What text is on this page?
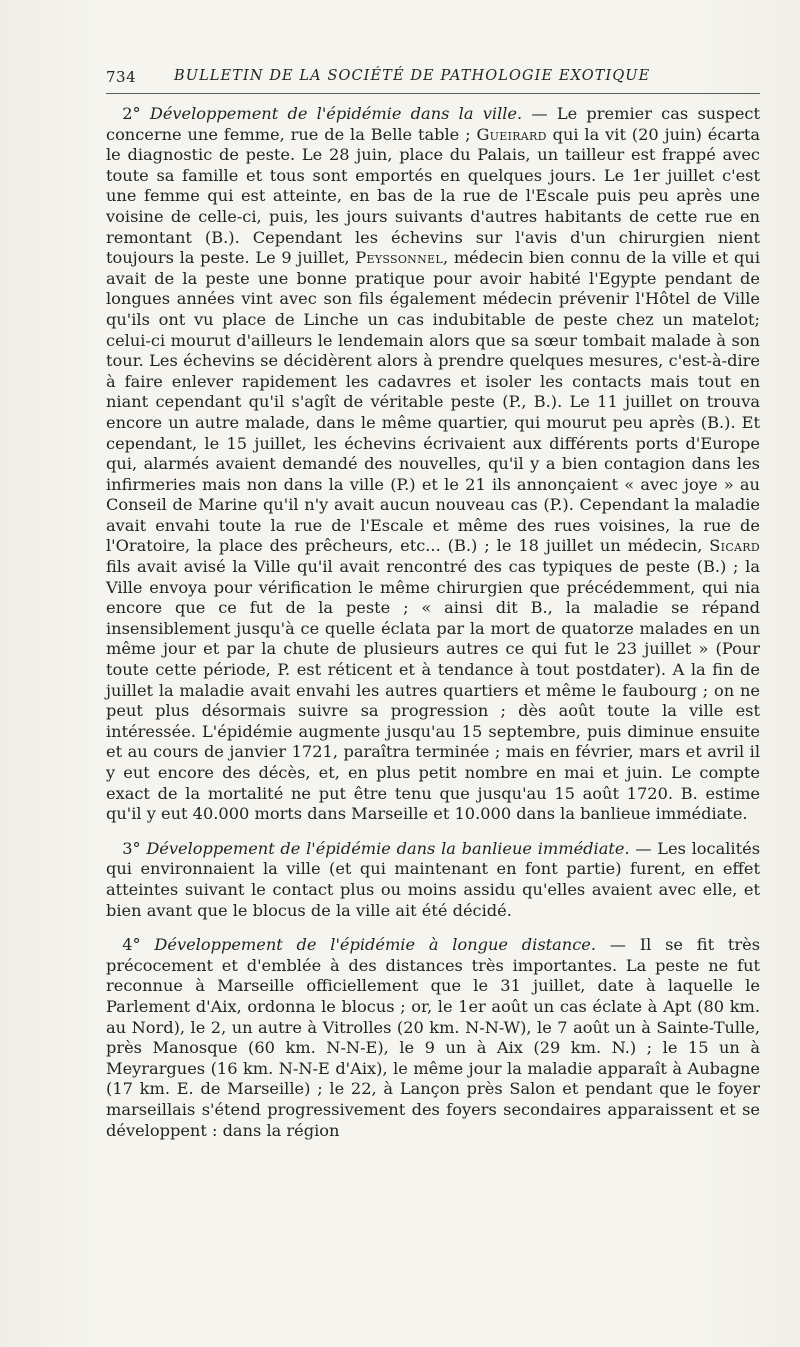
734	BULLETIN DE LA SOCIÉTÉ DE PATHOLOGIE EXOTIQUE

2° Développement de l'épidémie dans la ville. — Le premier cas suspect concerne une femme, rue de la Belle table ; Gueirard qui la vit (20 juin) écarta le diagnostic de peste. Le 28 juin, place du Palais, un tailleur est frappé avec toute sa famille et tous sont emportés en quelques jours. Le 1er juillet c'est une femme qui est atteinte, en bas de la rue de l'Escale puis peu après une voisine de celle-ci, puis, les jours suivants d'autres habitants de cette rue en remontant (B.). Cependant les échevins sur l'avis d'un chirurgien nient toujours la peste. Le 9 juillet, Peyssonnel, médecin bien connu de la ville et qui avait de la peste une bonne pratique pour avoir habité l'Egypte pendant de longues années vint avec son fils également médecin prévenir l'Hôtel de Ville qu'ils ont vu place de Linche un cas indubitable de peste chez un matelot; celui-ci mourut d'ailleurs le lendemain alors que sa sœur tombait malade à son tour. Les échevins se décidèrent alors à prendre quelques mesures, c'est-à-dire à faire enlever rapidement les cadavres et isoler les contacts mais tout en niant cependant qu'il s'agît de véritable peste (P., B.). Le 11 juillet on trouva encore un autre malade, dans le même quartier, qui mourut peu après (B.). Et cependant, le 15 juillet, les échevins écrivaient aux différents ports d'Europe qui, alarmés avaient demandé des nouvelles, qu'il y a bien contagion dans les infirmeries mais non dans la ville (P.) et le 21 ils annonçaient « avec joye » au Conseil de Marine qu'il n'y avait aucun nouveau cas (P.). Cependant la maladie avait envahi toute la rue de l'Escale et même des rues voisines, la rue de l'Oratoire, la place des prêcheurs, etc... (B.) ; le 18 juillet un médecin, Sicard fils avait avisé la Ville qu'il avait rencontré des cas typiques de peste (B.) ; la Ville envoya pour vérification le même chirurgien que précédemment, qui nia encore que ce fut de la peste ; « ainsi dit B., la maladie se répand insensiblement jusqu'à ce quelle éclata par la mort de quatorze malades en un même jour et par la chute de plusieurs autres ce qui fut le 23 juillet » (Pour toute cette période, P. est réticent et à tendance à tout postdater). A la fin de juillet la maladie avait envahi les autres quartiers et même le faubourg ; on ne peut plus désormais suivre sa progression ; dès août toute la ville est intéressée. L'épidémie augmente jusqu'au 15 septembre, puis diminue ensuite et au cours de janvier 1721, paraîtra terminée ; mais en février, mars et avril il y eut encore des décès, et, en plus petit nombre en mai et juin. Le compte exact de la mortalité ne put être tenu que jusqu'au 15 août 1720. B. estime qu'il y eut 40.000 morts dans Marseille et 10.000 dans la banlieue immédiate.

3° Développement de l'épidémie dans la banlieue immédiate. — Les localités qui environnaient la ville (et qui maintenant en font partie) furent, en effet atteintes suivant le contact plus ou moins assidu qu'elles avaient avec elle, et bien avant que le blocus de la ville ait été décidé.

4° Développement de l'épidémie à longue distance. — Il se fit très précocement et d'emblée à des distances très importantes. La peste ne fut reconnue à Marseille officiellement que le 31 juillet, date à laquelle le Parlement d'Aix, ordonna le blocus ; or, le 1er août un cas éclate à Apt (80 km. au Nord), le 2, un autre à Vitrolles (20 km. N-N-W), le 7 août un à Sainte-Tulle, près Manosque (60 km. N-N-E), le 9 un à Aix (29 km. N.) ; le 15 un à Meyrargues (16 km. N-N-E d'Aix), le même jour la maladie apparaît à Aubagne (17 km. E. de Marseille) ; le 22, à Lançon près Salon et pendant que le foyer marseillais s'étend progressivement des foyers secondaires apparaissent et se développent : dans la région
